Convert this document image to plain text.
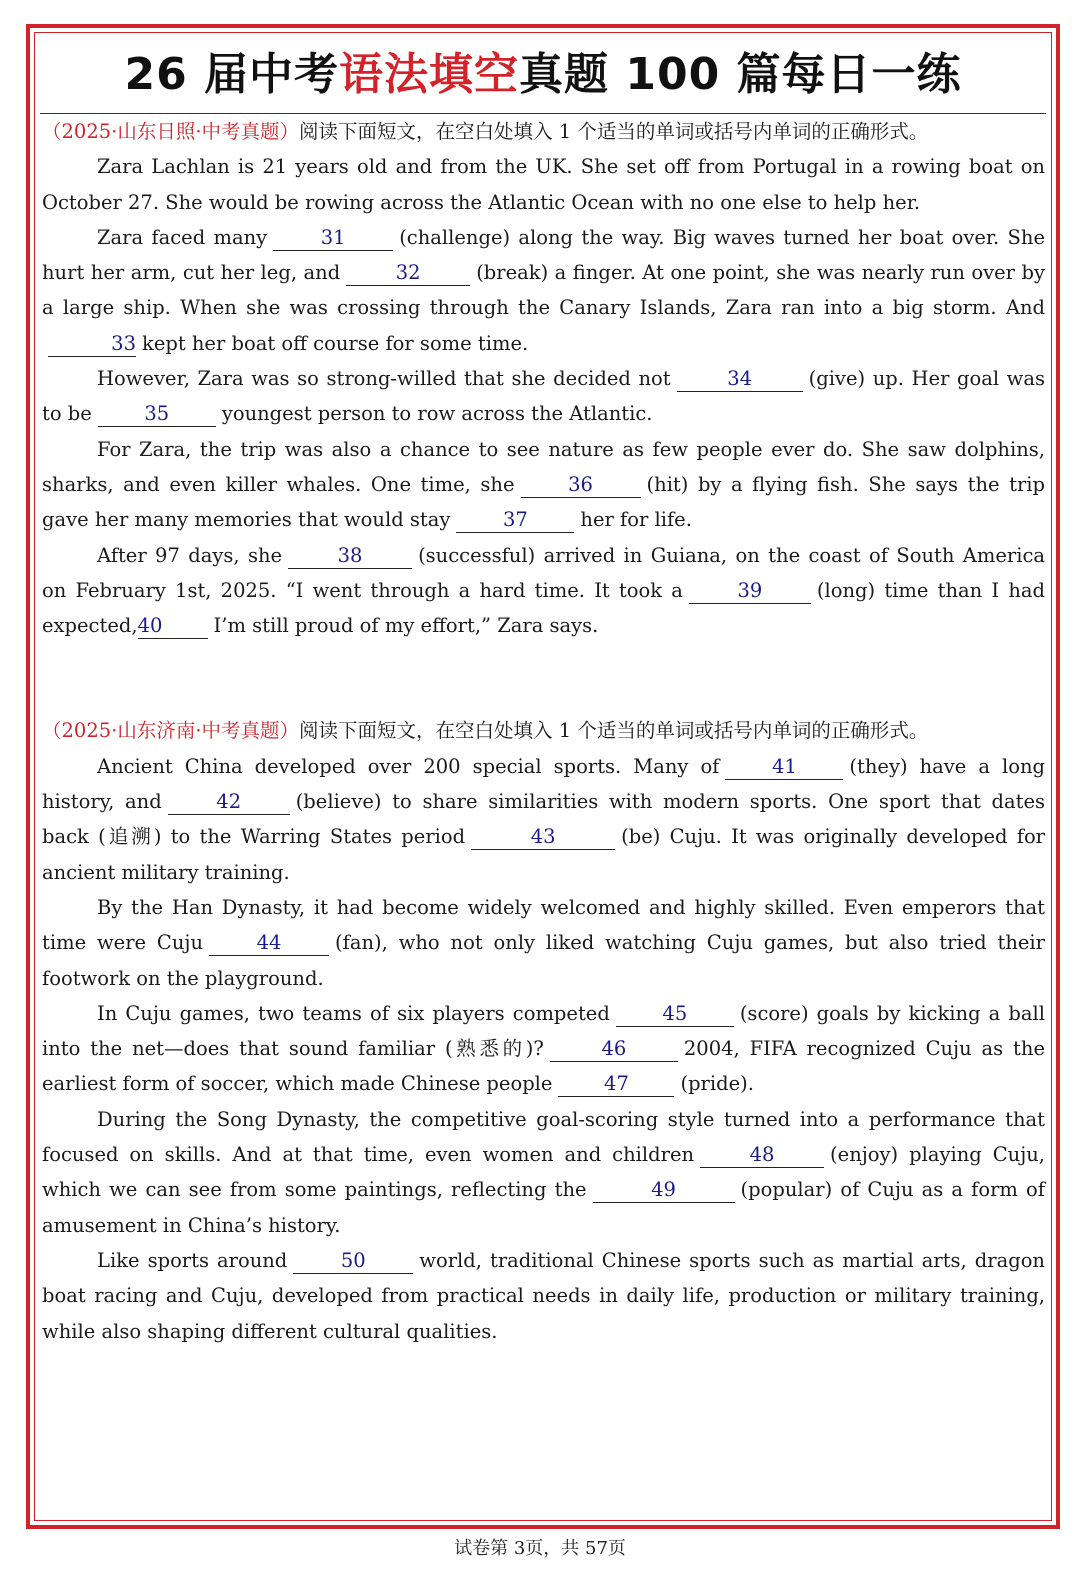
26 届中考语法填空真题 100 篇每日一练

（2025·山东日照·中考真题）阅读下面短文，在空白处填入 1 个适当的单词或括号内单词的正确形式。

Zara Lachlan is 21 years old and from the UK. She set off from Portugal in a rowing boat on October 27. She would be rowing across the Atlantic Ocean with no one else to help her.

Zara faced many	31	(challenge) along the way. Big waves turned her boat over. She hurt her arm, cut her leg, and	32	(break) a finger. At one point, she was nearly run over by a large ship. When she was crossing through the Canary Islands, Zara ran into a big storm. And33 kept her boat off course for some time.

However, Zara was so strong-willed that she decided not	34	(give) up. Her goal was to be	35	youngest person to row across the Atlantic.

For Zara, the trip was also a chance to see nature as few people ever do. She saw dolphins, sharks, and even killer whales. One time, she	36	(hit) by a flying fish. She says the trip gave her many memories that would stay	37	her for life.

After 97 days, she	38	(successful) arrived in Guiana, on the coast of South America on February 1st, 2025. “I went through a hard time. It took a	39	(long) time than I had expected,40	I’m still proud of my effort,” Zara says.

（2025·山东济南·中考真题）阅读下面短文，在空白处填入 1 个适当的单词或括号内单词的正确形式。

Ancient China developed over 200 special sports. Many of	41	(they) have a long history, and	42	(believe) to share similarities with modern sports. One sport that dates back (追溯) to the Warring States period	43	(be) Cuju. It was originally developed for ancient military training.

By the Han Dynasty, it had become widely welcomed and highly skilled. Even emperors that time were Cuju	44	(fan), who not only liked watching Cuju games, but also tried their footwork on the playground.

In Cuju games, two teams of six players competed	45	(score) goals by kicking a ball into the net—does that sound familiar (熟悉的)?	46	2004, FIFA recognized Cuju as the earliest form of soccer, which made Chinese people	47	(pride).

During the Song Dynasty, the competitive goal-scoring style turned into a performance that focused on skills. And at that time, even women and children	48	(enjoy) playing Cuju, which we can see from some paintings, reflecting the	49	(popular) of Cuju as a form of amusement in China’s history.

Like sports around	50	world, traditional Chinese sports such as martial arts, dragon boat racing and Cuju, developed from practical needs in daily life, production or military training, while also shaping different cultural qualities.

试卷第 3页，共 57页
